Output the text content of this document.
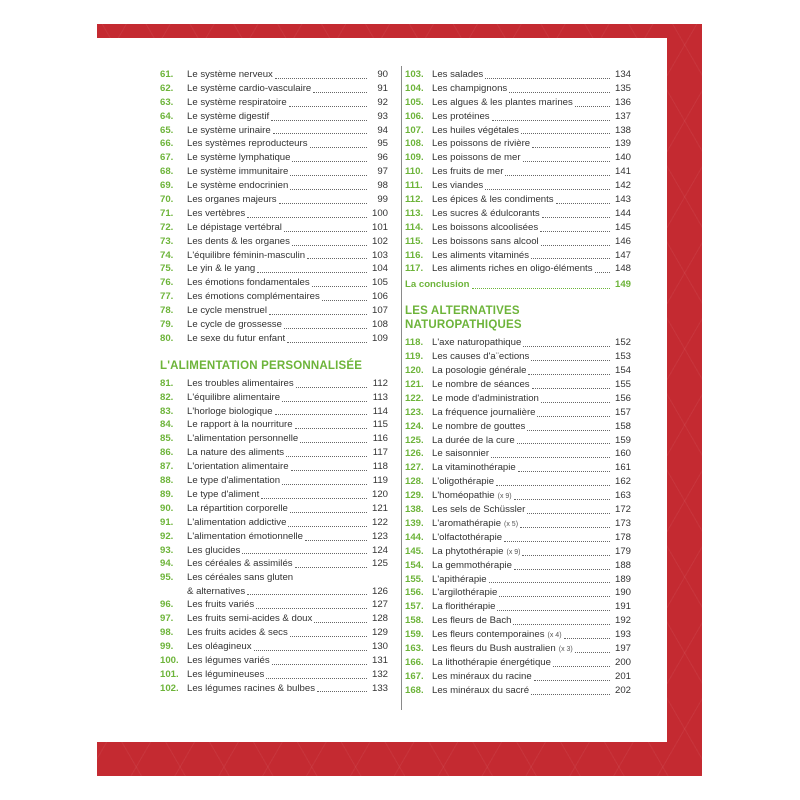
61.	Le système nerveux	90
62.	Le système cardio-vasculaire	91
63.	Le système respiratoire	92
64.	Le système digestif	93
65.	Le système urinaire	94
66.	Les systèmes reproducteurs	95
67.	Le système lymphatique	96
68.	Le système immunitaire	97
69.	Le système endocrinien	98
70.	Les organes majeurs	99
71.	Les vertèbres	100
72.	Le dépistage vertébral	101
73.	Les dents & les organes	102
74.	L'équilibre féminin-masculin	103
75.	Le yin & le yang	104
76.	Les émotions fondamentales	105
77.	Les émotions complémentaires	106
78.	Le cycle menstruel	107
79.	Le cycle de grossesse	108
80.	Le sexe du futur enfant	109
L'ALIMENTATION PERSONNALISÉE
81.	Les troubles alimentaires	112
82.	L'équilibre alimentaire	113
83.	L'horloge biologique	114
84.	Le rapport à la nourriture	115
85.	L'alimentation personnelle	116
86.	La nature des aliments	117
87.	L'orientation alimentaire	118
88.	Le type d'alimentation	119
89.	Le type d'aliment	120
90.	La répartition corporelle	121
91.	L'alimentation addictive	122
92.	L'alimentation émotionnelle	123
93.	Les glucides	124
94.	Les céréales & assimilés	125
95.	Les céréales sans gluten
& alternatives	126
96.	Les fruits variés	127
97.	Les fruits semi-acides & doux	128
98.	Les fruits acides & secs	129
99.	Les oléagineux	130
100. Les légumes variés	131
101. Les légumineuses	132
102. Les légumes racines & bulbes	133
103. Les salades	134
104. Les champignons	135
105. Les algues & les plantes marines	136
106. Les protéines	137
107. Les huiles végétales	138
108. Les poissons de rivière	139
109. Les poissons de mer	140
110. Les fruits de mer	141
111. Les viandes	142
112. Les épices & les condiments	143
113. Les sucres & édulcorants	144
114. Les boissons alcoolisées	145
115. Les boissons sans alcool	146
116. Les aliments vitaminés	147
117. Les aliments riches en oligo-éléments	148
La conclusion	149
LES ALTERNATIVES
NATUROPATHIQUES
118. L'axe naturopathique	152
119. Les causes d'a¨ections	153
120. La posologie générale	154
121. Le nombre de séances	155
122. Le mode d'administration	156
123. La fréquence journalière	157
124. Le nombre de gouttes	158
125. La durée de la cure	159
126. Le saisonnier	160
127. La vitaminothérapie	161
128. L'oligothérapie	162
129. L'homéopathie (x 9)	163
138. Les sels de Schüssler	172
139. L'aromathérapie (x 5)	173
144. L'olfactothérapie	178
145. La phytothérapie (x 9)	179
154. La gemmothérapie	188
155. L'apithérapie	189
156. L'argilothérapie	190
157. La florithérapie	191
158. Les fleurs de Bach	192
159. Les fleurs contemporaines (x 4)	193
163. Les fleurs du Bush australien (x 3)	197
166. La lithothérapie énergétique	200
167. Les minéraux du racine	201
168. Les minéraux du sacré	202
